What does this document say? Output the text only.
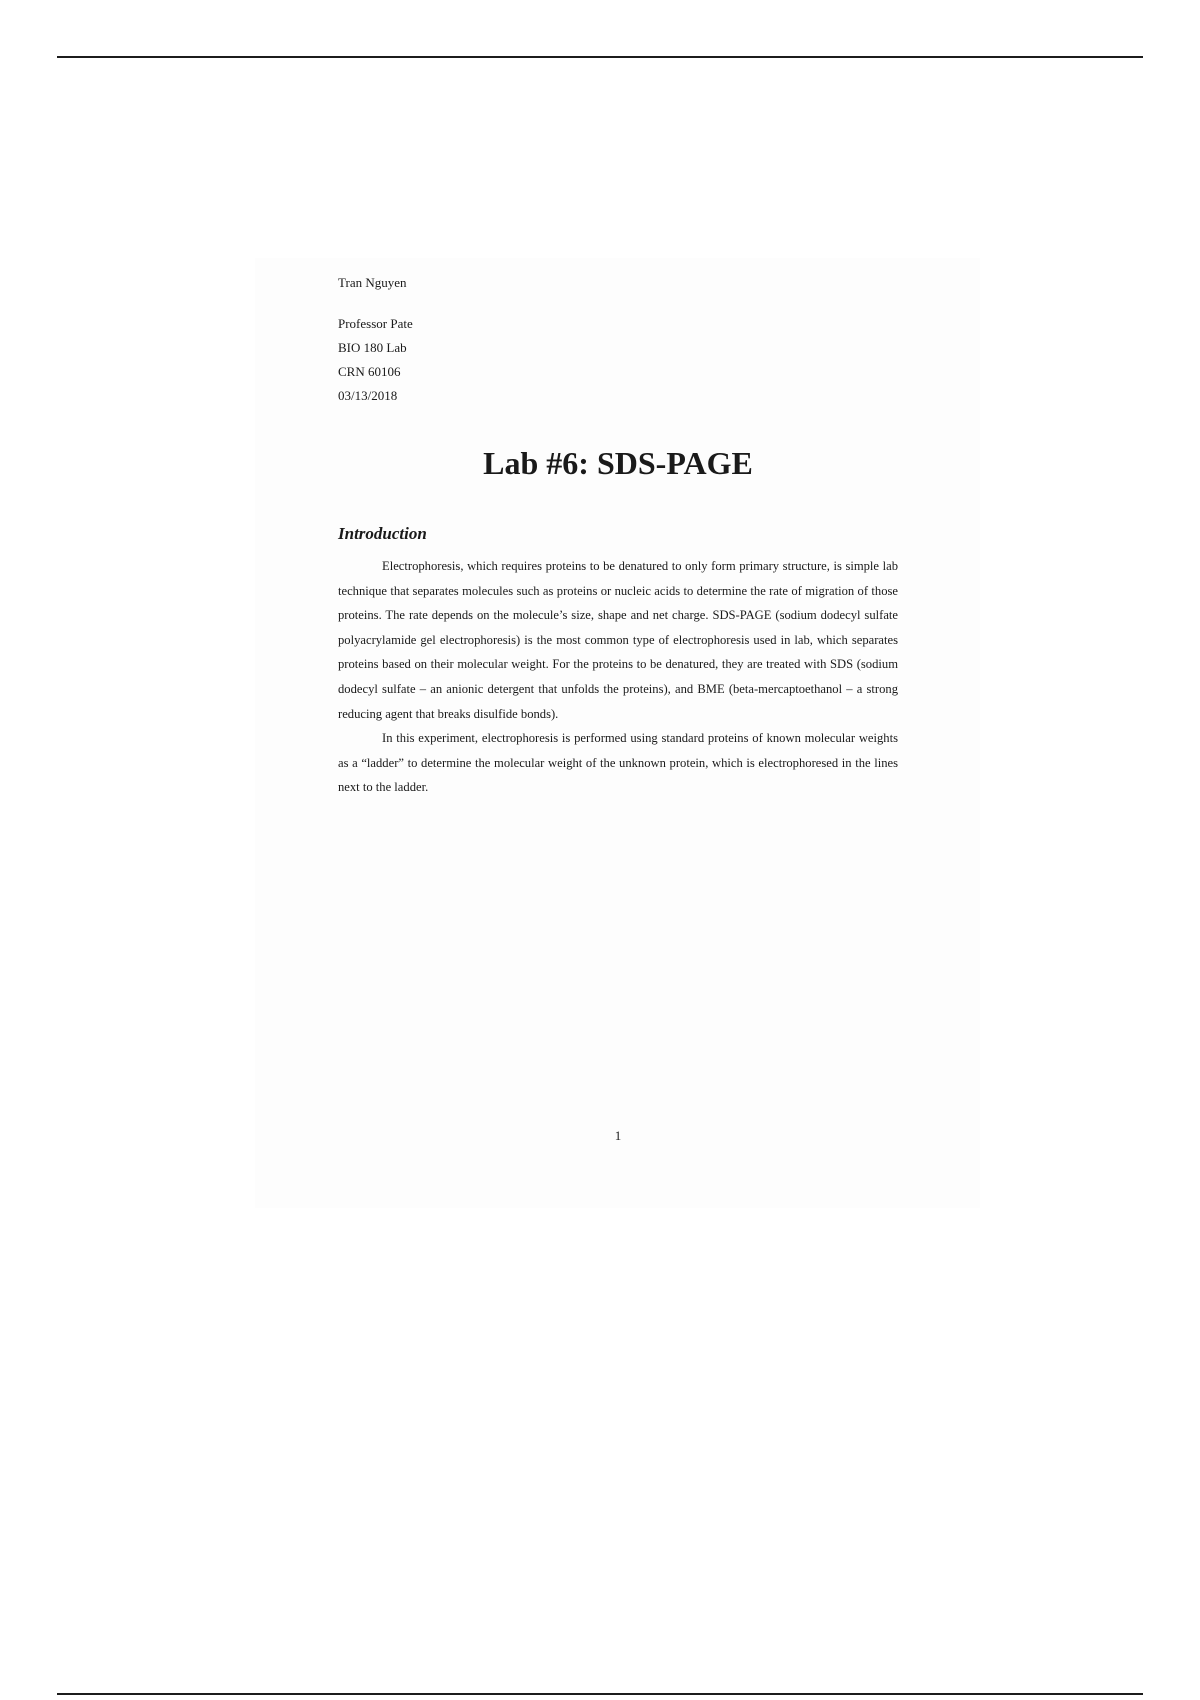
Tran Nguyen
Professor Pate
BIO 180 Lab
CRN 60106
03/13/2018
Lab #6: SDS-PAGE
Introduction

Electrophoresis, which requires proteins to be denatured to only form primary structure, is simple lab technique that separates molecules such as proteins or nucleic acids to determine the rate of migration of those proteins. The rate depends on the molecule’s size, shape and net charge. SDS-PAGE (sodium dodecyl sulfate polyacrylamide gel electrophoresis) is the most common type of electrophoresis used in lab, which separates proteins based on their molecular weight. For the proteins to be denatured, they are treated with SDS (sodium dodecyl sulfate – an anionic detergent that unfolds the proteins), and BME (beta-mercaptoethanol – a strong reducing agent that breaks disulfide bonds).

In this experiment, electrophoresis is performed using standard proteins of known molecular weights as a “ladder” to determine the molecular weight of the unknown protein, which is electrophoresed in the lines next to the ladder.

1
